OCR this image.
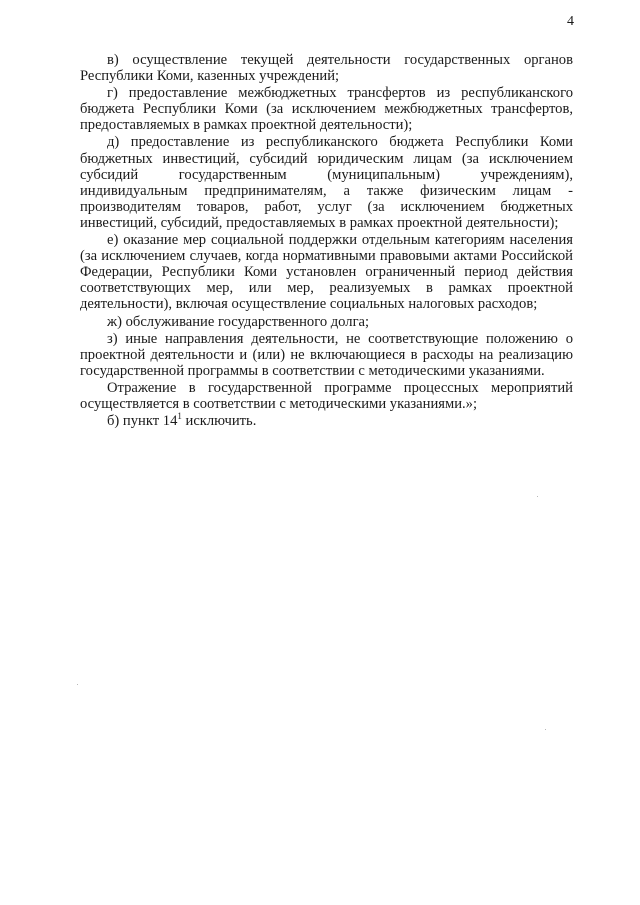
4

в) осуществление текущей деятельности государственных органов Республики Коми, казенных учреждений;

г) предоставление межбюджетных трансфертов из республиканского бюджета Республики Коми (за исключением межбюджетных трансфертов, предоставляемых в рамках проектной деятельности);

д) предоставление из республиканского бюджета Республики Коми бюджетных инвестиций, субсидий юридическим лицам (за исключением субсидий государственным (муниципальным) учреждениям), индивидуальным предпринимателям, а также физическим лицам - производителям товаров, работ, услуг (за исключением бюджетных инвестиций, субсидий, предоставляемых в рамках проектной деятельности);

е) оказание мер социальной поддержки отдельным категориям населения (за исключением случаев, когда нормативными правовыми актами Российской Федерации, Республики Коми установлен ограниченный период действия соответствующих мер, или мер, реализуемых в рамках проектной деятельности), включая осуществление социальных налоговых расходов;

ж) обслуживание государственного долга;

з) иные направления деятельности, не соответствующие положению о проектной деятельности и (или) не включающиеся в расходы на реализацию государственной программы в соответствии с методическими указаниями.

Отражение в государственной программе процессных мероприятий осуществляется в соответствии с методическими указаниями.»;

б) пункт $14^1$ исключить.
